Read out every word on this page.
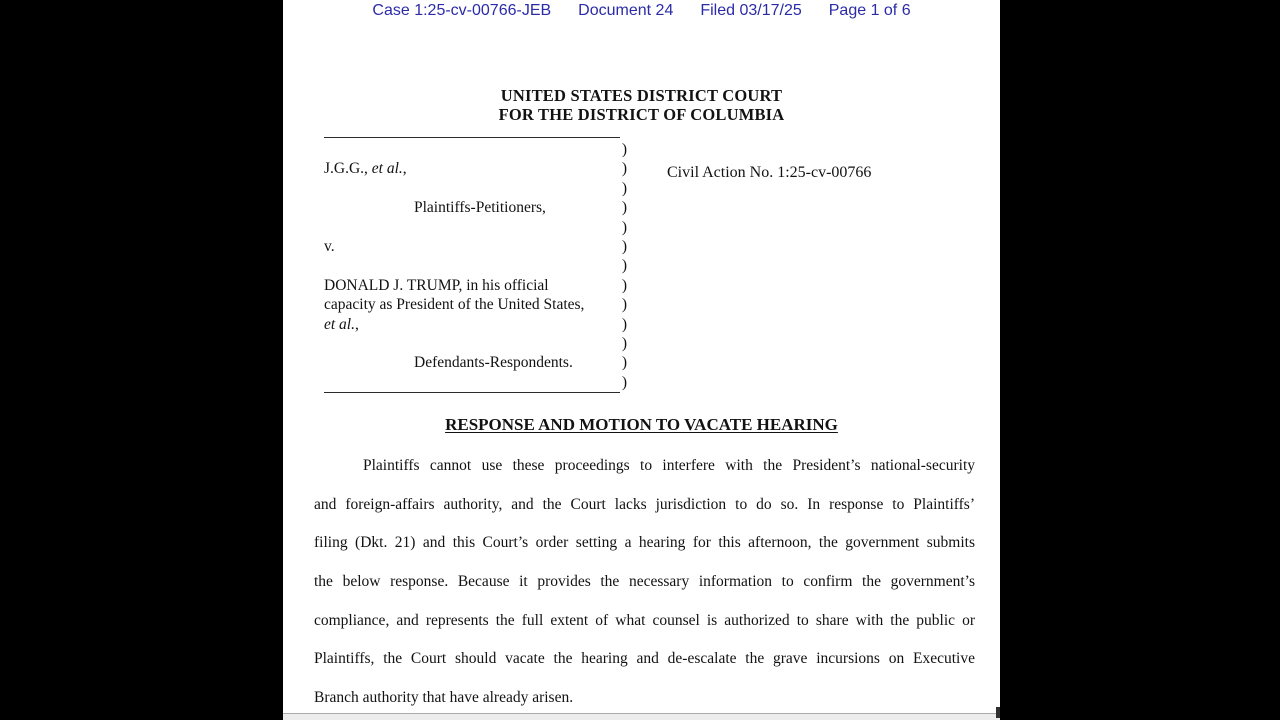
Case 1:25-cv-00766-JEB Document 24 Filed 03/17/25 Page 1 of 6
UNITED STATES DISTRICT COURT
FOR THE DISTRICT OF COLUMBIA
)
J.G.G., et al.,	)
)
Plaintiffs-Petitioners,	)
)
v.	)
)
DONALD J. TRUMP, in his official	)
capacity as President of the United States, )
et al.,	)
)
Defendants-Respondents.	)
)
Civil Action No. 1:25-cv-00766
RESPONSE AND MOTION TO VACATE HEARING
Plaintiffs cannot use these proceedings to interfere with the President’s national-security
and foreign-affairs authority, and the Court lacks jurisdiction to do so. In response to Plaintiffs’
filing (Dkt. 21) and this Court’s order setting a hearing for this afternoon, the government submits
the below response. Because it provides the necessary information to confirm the government’s
compliance, and represents the full extent of what counsel is authorized to share with the public or
Plaintiffs, the Court should vacate the hearing and de-escalate the grave incursions on Executive
Branch authority that have already arisen.
